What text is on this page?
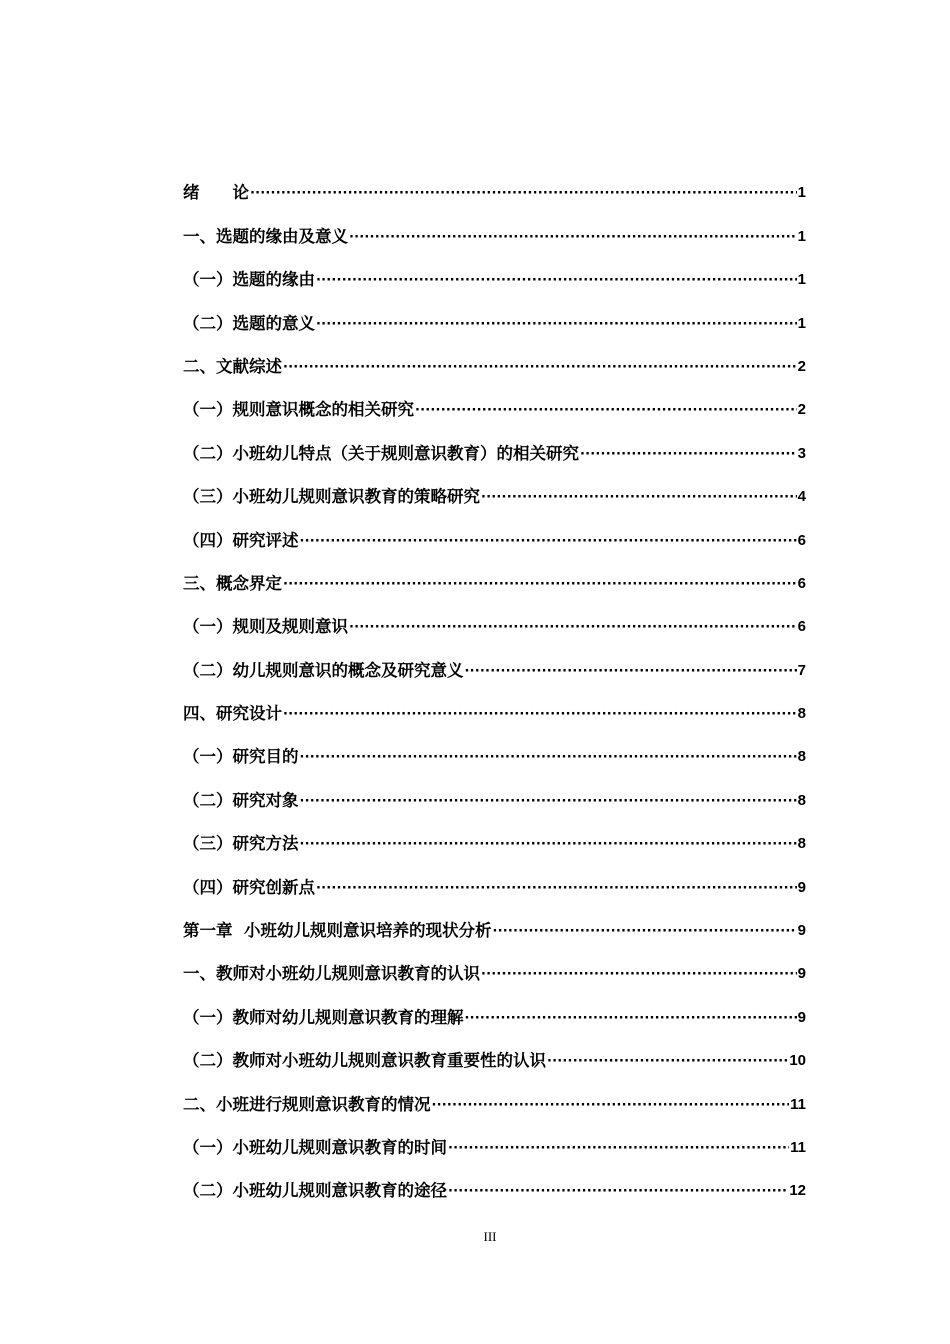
绪　　论 ·····	1
一、选题的缘由及意义 ·····	1
（一）选题的缘由 ·····	1
（二）选题的意义 ·····	1
二、文献综述 ·····	2
（一）规则意识概念的相关研究 ·····	2
（二）小班幼儿特点（关于规则意识教育）的相关研究 ·····	3
（三）小班幼儿规则意识教育的策略研究 ·····	4
（四）研究评述 ·····	6
三、概念界定 ·····	6
（一）规则及规则意识 ·····	6
（二）幼儿规则意识的概念及研究意义 ·····	7
四、研究设计 ·····	8
（一）研究目的 ·····	8
（二）研究对象 ·····	8
（三）研究方法 ·····	8
（四）研究创新点 ·····	9
第一章  小班幼儿规则意识培养的现状分析 ·····	9
一、教师对小班幼儿规则意识教育的认识 ·····	9
（一）教师对幼儿规则意识教育的理解 ·····	9
（二）教师对小班幼儿规则意识教育重要性的认识 ·····	10
二、小班进行规则意识教育的情况 ·····	11
（一）小班幼儿规则意识教育的时间 ·····	11
（二）小班幼儿规则意识教育的途径 ·····	12
III
